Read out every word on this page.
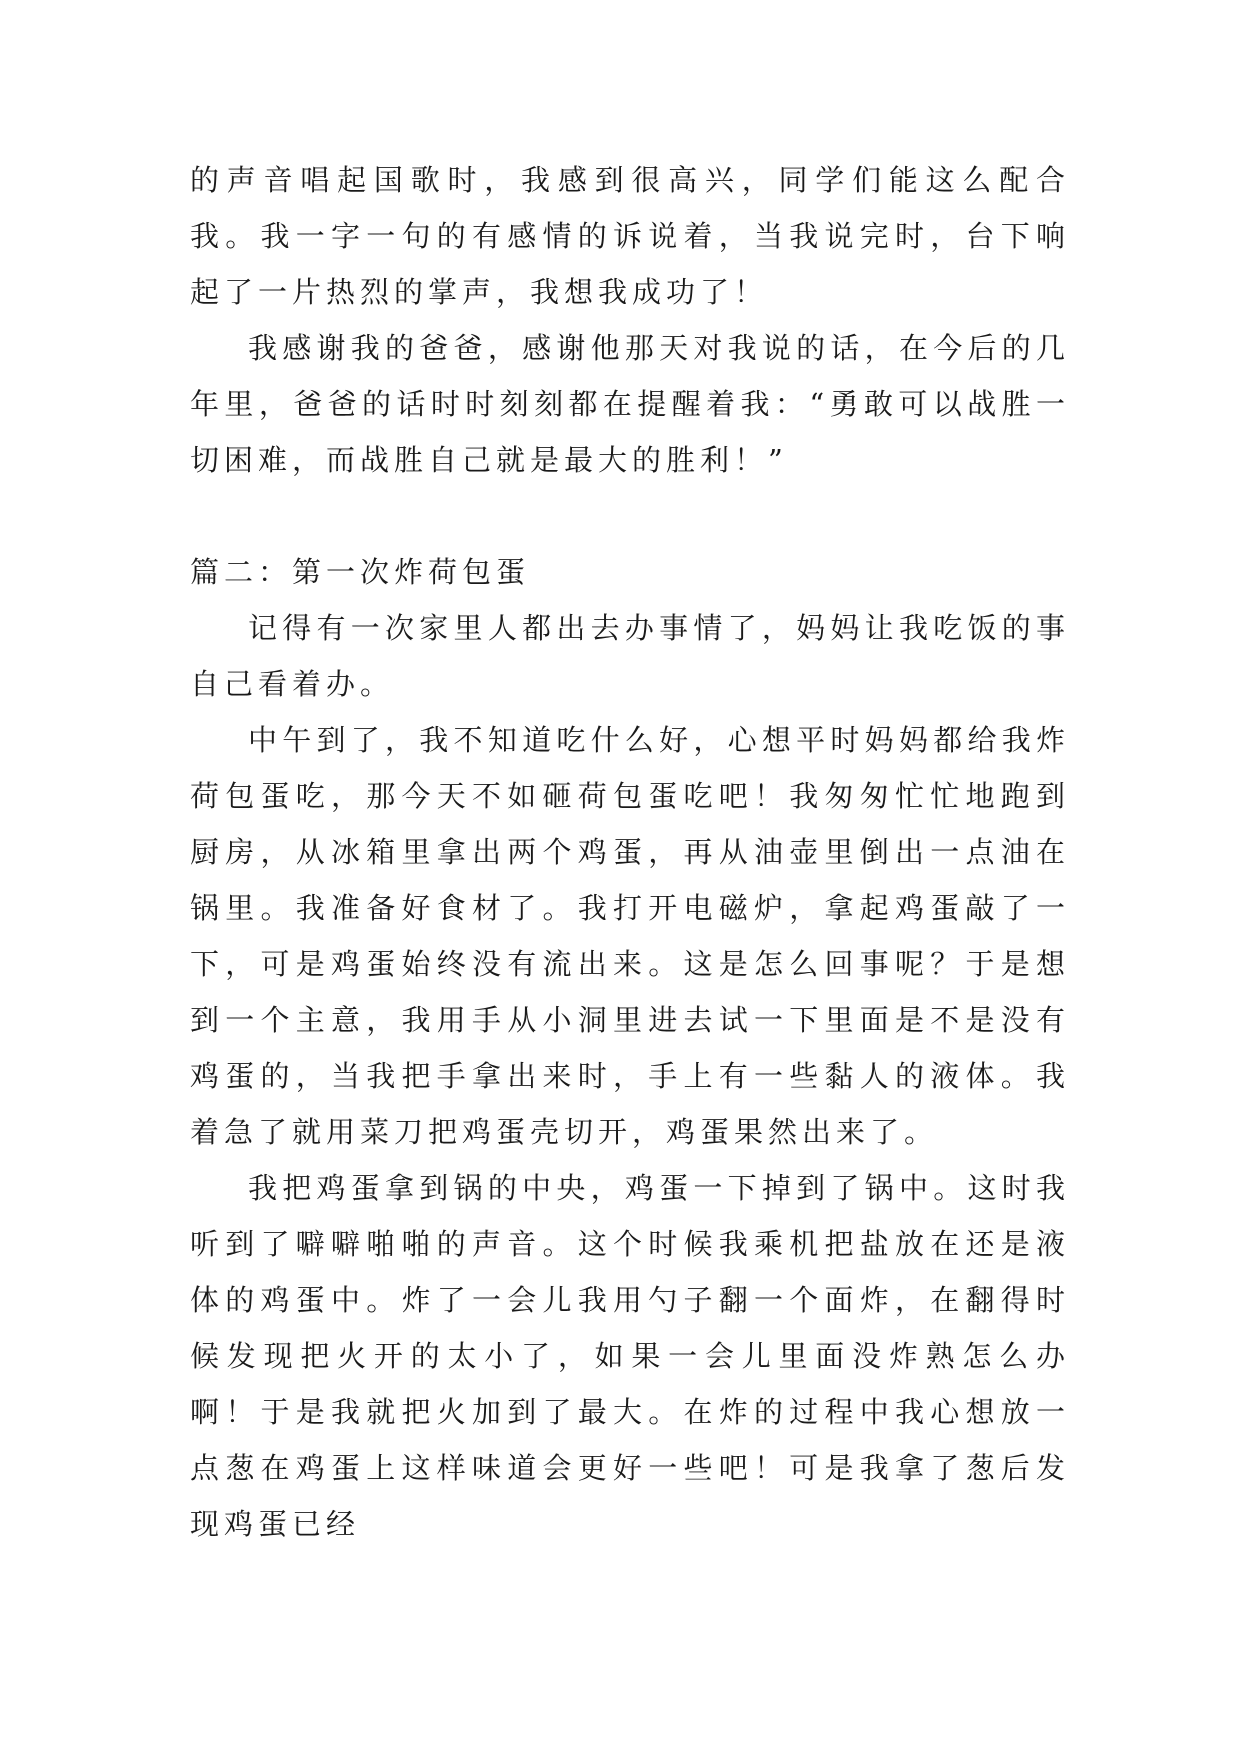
的声音唱起国歌时，我感到很高兴，同学们能这么配合我。我一字一句的有感情的诉说着，当我说完时，台下响起了一片热烈的掌声，我想我成功了！

我感谢我的爸爸，感谢他那天对我说的话，在今后的几年里，爸爸的话时时刻刻都在提醒着我：“勇敢可以战胜一切困难，而战胜自己就是最大的胜利！”

篇二：第一次炸荷包蛋

记得有一次家里人都出去办事情了，妈妈让我吃饭的事自己看着办。

中午到了，我不知道吃什么好，心想平时妈妈都给我炸荷包蛋吃，那今天不如砸荷包蛋吃吧！我匆匆忙忙地跑到厨房，从冰箱里拿出两个鸡蛋，再从油壶里倒出一点油在锅里。我准备好食材了。我打开电磁炉，拿起鸡蛋敲了一下，可是鸡蛋始终没有流出来。这是怎么回事呢？于是想到一个主意，我用手从小洞里进去试一下里面是不是没有鸡蛋的，当我把手拿出来时，手上有一些黏人的液体。我着急了就用菜刀把鸡蛋壳切开，鸡蛋果然出来了。

我把鸡蛋拿到锅的中央，鸡蛋一下掉到了锅中。这时我听到了噼噼啪啪的声音。这个时候我乘机把盐放在还是液体的鸡蛋中。炸了一会儿我用勺子翻一个面炸，在翻得时候发现把火开的太小了，如果一会儿里面没炸熟怎么办啊！于是我就把火加到了最大。在炸的过程中我心想放一点葱在鸡蛋上这样味道会更好一些吧！可是我拿了葱后发现鸡蛋已经
